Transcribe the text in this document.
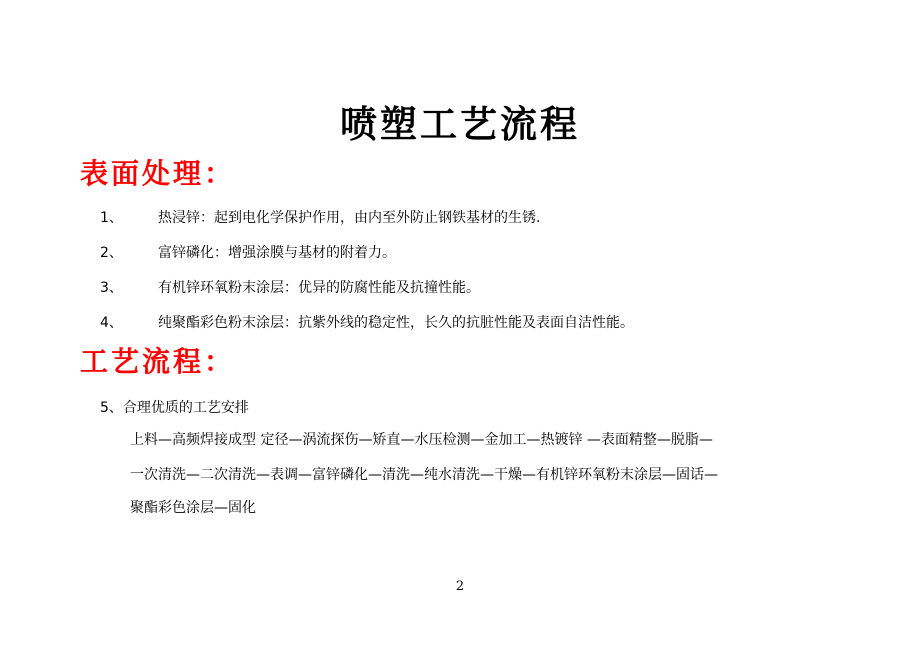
喷塑工艺流程
表面处理：
1、	热浸锌：起到电化学保护作用，由内至外防止钢铁基材的生锈.
2、	富锌磷化：增强涂膜与基材的附着力。
3、	有机锌环氧粉末涂层：优异的防腐性能及抗撞性能。
4、	纯聚酯彩色粉末涂层：抗紫外线的稳定性，长久的抗脏性能及表面自洁性能。
工艺流程：
5、合理优质的工艺安排
上料—高频焊接成型 定径—涡流探伤—矫直—水压检测—金加工—热镀锌 —表面精整—脱脂—
一次清洗—二次清洗—表调—富锌磷化—清洗—纯水清洗—干燥—有机锌环氧粉末涂层—固话—
聚酯彩色涂层—固化
2
